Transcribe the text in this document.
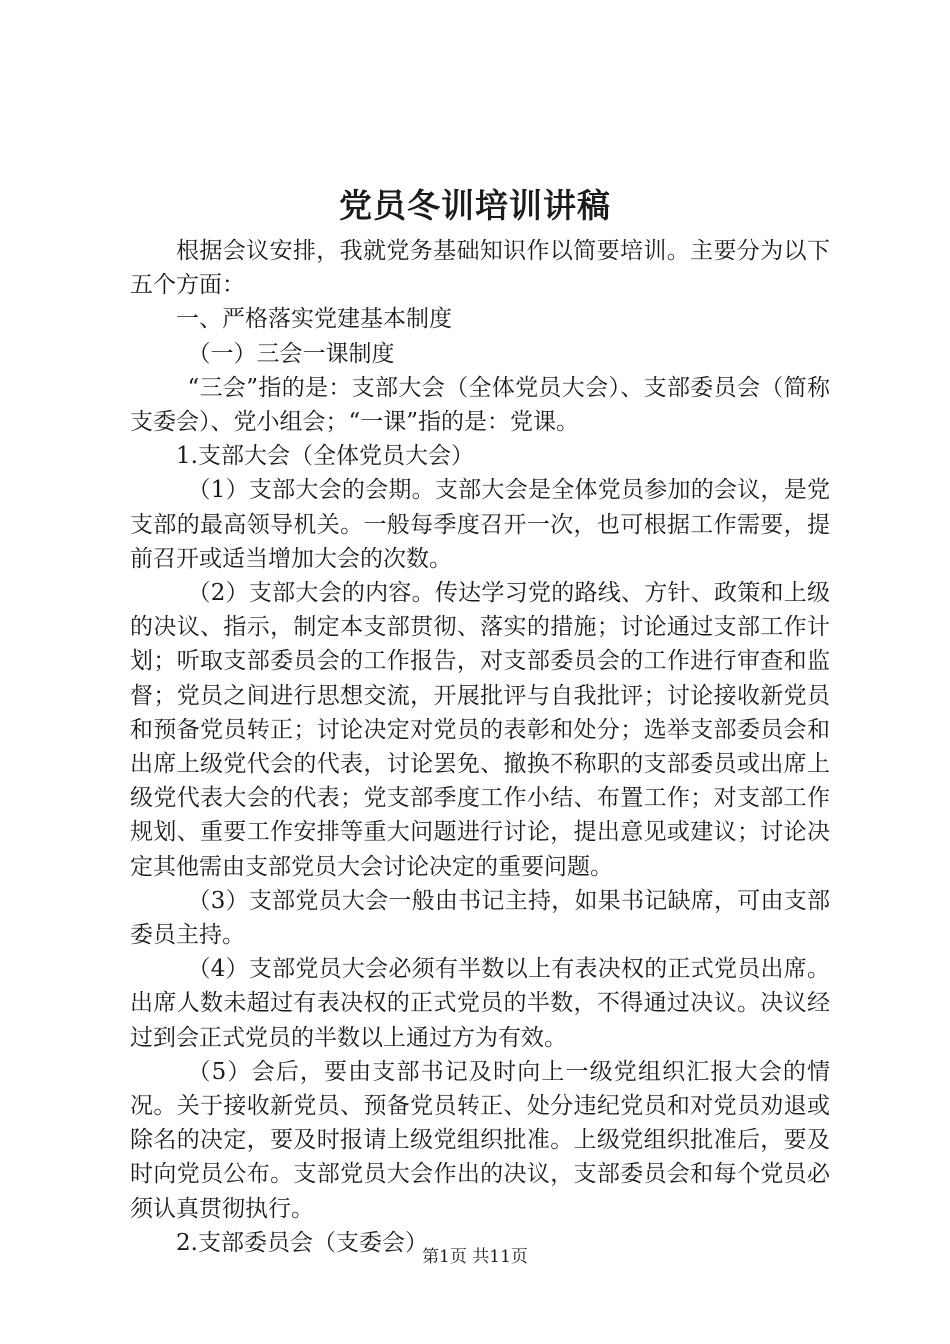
党员冬训培训讲稿

根据会议安排，我就党务基础知识作以简要培训。主要分为以下五个方面：

一、严格落实党建基本制度

（一）三会一课制度

“三会”指的是：支部大会（全体党员大会）、支部委员会（简称支委会）、党小组会；“一课”指的是：党课。

1.支部大会（全体党员大会）

（1）支部大会的会期。支部大会是全体党员参加的会议，是党支部的最高领导机关。一般每季度召开一次，也可根据工作需要，提前召开或适当增加大会的次数。

（2）支部大会的内容。传达学习党的路线、方针、政策和上级的决议、指示，制定本支部贯彻、落实的措施；讨论通过支部工作计划；听取支部委员会的工作报告，对支部委员会的工作进行审查和监督；党员之间进行思想交流，开展批评与自我批评；讨论接收新党员和预备党员转正；讨论决定对党员的表彰和处分；选举支部委员会和出席上级党代会的代表，讨论罢免、撤换不称职的支部委员或出席上级党代表大会的代表；党支部季度工作小结、布置工作；对支部工作规划、重要工作安排等重大问题进行讨论，提出意见或建议；讨论决定其他需由支部党员大会讨论决定的重要问题。

（3）支部党员大会一般由书记主持，如果书记缺席，可由支部委员主持。

（4）支部党员大会必须有半数以上有表决权的正式党员出席。出席人数未超过有表决权的正式党员的半数，不得通过决议。决议经过到会正式党员的半数以上通过方为有效。

（5）会后，要由支部书记及时向上一级党组织汇报大会的情况。关于接收新党员、预备党员转正、处分违纪党员和对党员劝退或除名的决定，要及时报请上级党组织批准。上级党组织批准后，要及时向党员公布。支部党员大会作出的决议，支部委员会和每个党员必须认真贯彻执行。

2.支部委员会（支委会）

第1页 共11页
